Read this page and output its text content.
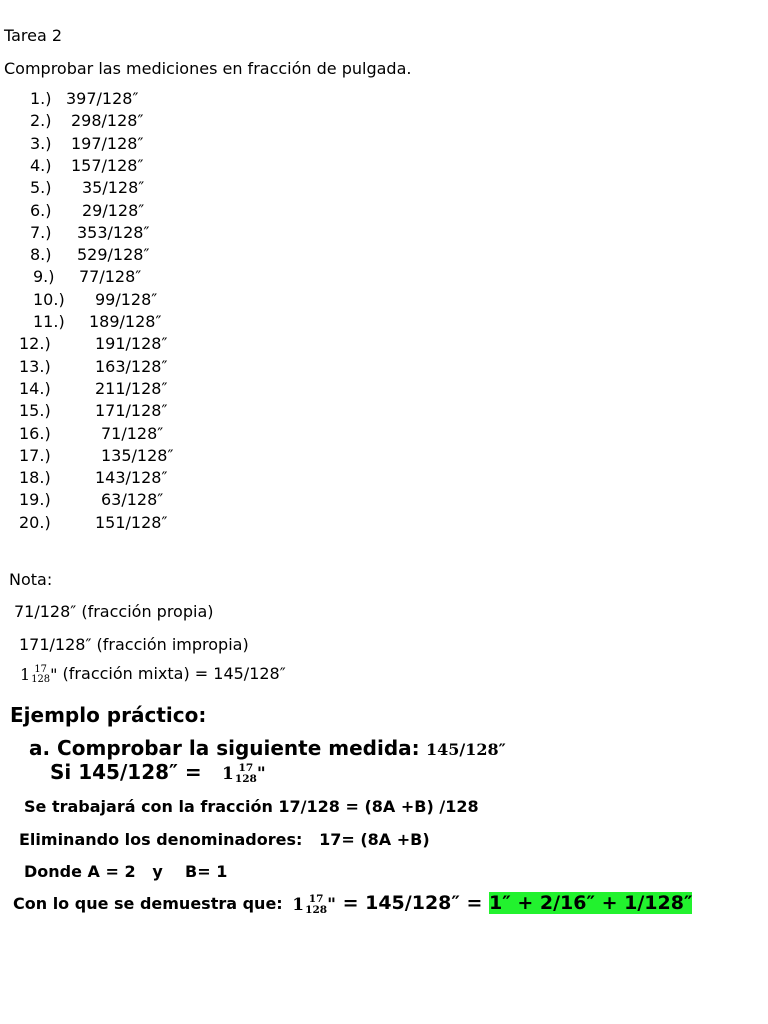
Tarea 2
Comprobar las mediciones en fracción de pulgada.
1.) 397/128″
2.) 298/128″
3.) 197/128″
4.) 157/128″
5.) 35/128″
6.) 29/128″
7.) 353/128″
8.) 529/128″
9.) 77/128″
10.) 99/128″
11.) 189/128″
12.)	191/128″
13.)	163/128″
14.)	211/128″
15.)	171/128″
16.)	71/128″
17.)	135/128″
18.)	143/128″
19.)	63/128″
20.)	151/128″
Nota:
71/128″ (fracción propia)
171/128″ (fracción impropia)
1 17
128 " (fracción mixta) = 145/128″
Ejemplo práctico:
a. Comprobar la siguiente medida: 145/128″
Si 145/128″ = 1 17
128 "
Se trabajará con la fracción 17/128 = (8A +B) /128
Eliminando los denominadores:   17= (8A +B)
Donde A = 2   y    B= 1
Con lo que se demuestra que: 1 17
128 " = 145/128″ = 1″ + 2/16″ + 1/128″
